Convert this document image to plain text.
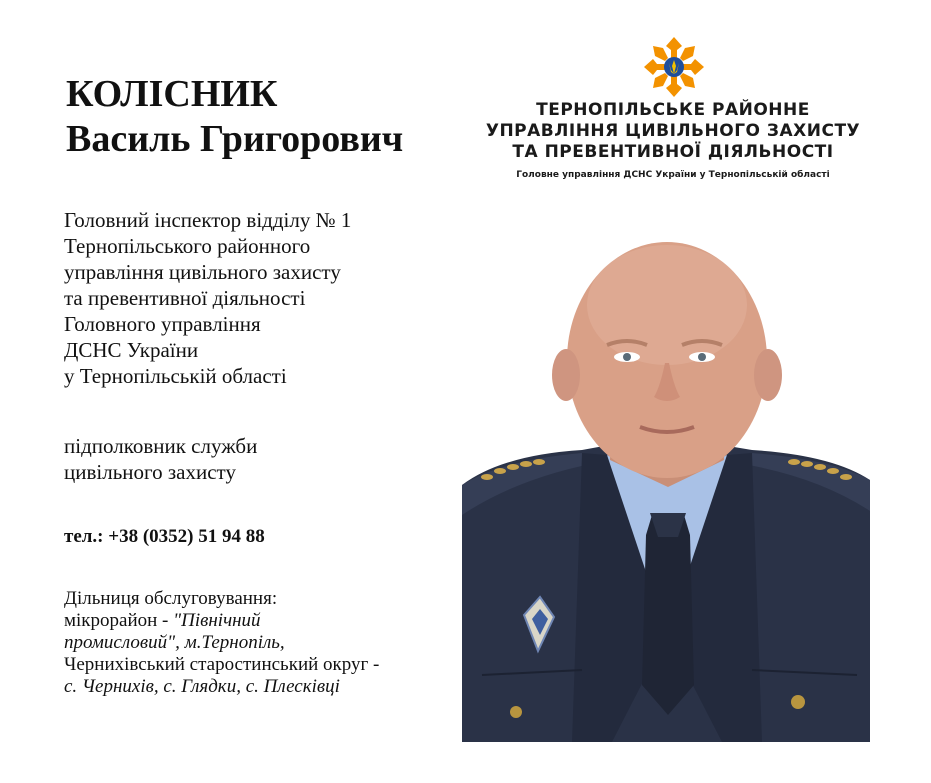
КОЛІСНИК
Василь Григорович
Головний інспектор відділу № 1
Тернопільського районного
управління цивільного захисту
та превентивної діяльності
Головного управління
ДСНС України
у Тернопільській області
підполковник служби
цивільного захисту
тел.: +38 (0352) 51 94 88
Дільниця обслуговування:
мікрорайон - "Північний
промисловий", м.Тернопіль,
Чернихівський старостинський округ -
с. Чернихів, с. Глядки, с. Плесківці
ТЕРНОПІЛЬСЬКЕ РАЙОННЕ
УПРАВЛІННЯ ЦИВІЛЬНОГО ЗАХИСТУ
ТА ПРЕВЕНТИВНОЇ ДІЯЛЬНОСТІ
Головне управління ДСНС України у Тернопільській області
